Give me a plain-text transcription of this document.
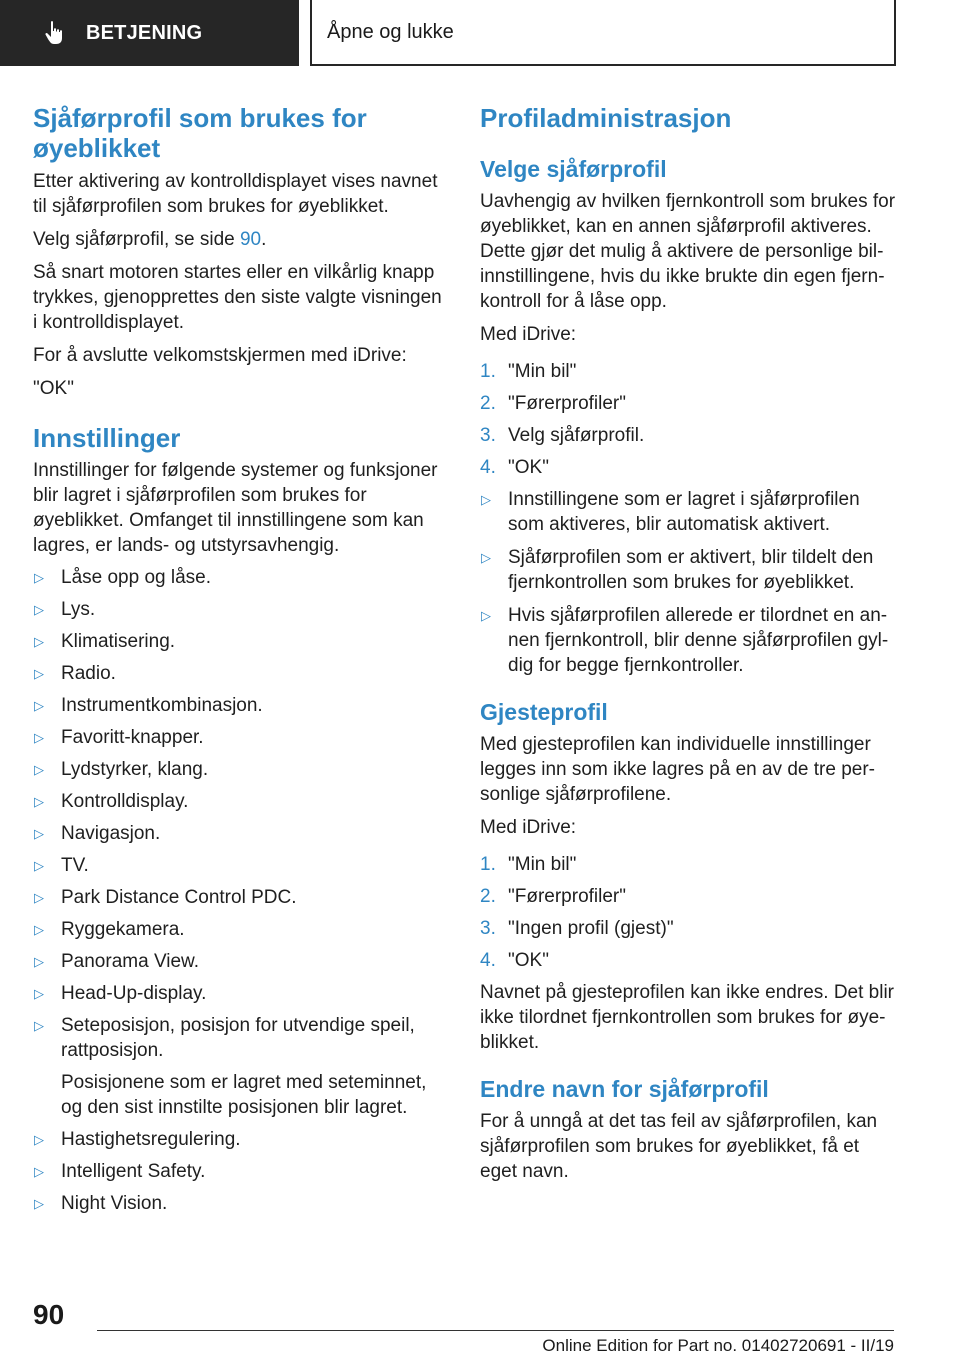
BETJENING	Åpne og lukke
Sjåførprofil som brukes for øyeblikket

Etter aktivering av kontrolldisplayet vises navnet til sjåførprofilen som brukes for øyeblikket.

Velg sjåførprofil, se side 90.

Så snart motoren startes eller en vilkårlig knapp trykkes, gjenopprettes den siste valgte visningen i kontrolldisplayet.

For å avslutte velkomstskjermen med iDrive:

"OK"

Innstillinger

Innstillinger for følgende systemer og funksjoner blir lagret i sjåførprofilen som brukes for øyeblikket. Omfanget til innstillingene som kan lagres, er lands- og utstyrsavhengig.

▷ Låse opp og låse.
▷ Lys.
▷ Klimatisering.
▷ Radio.
▷ Instrumentkombinasjon.
▷ Favoritt-knapper.
▷ Lydstyrker, klang.
▷ Kontrolldisplay.
▷ Navigasjon.
▷ TV.
▷ Park Distance Control PDC.
▷ Ryggekamera.
▷ Panorama View.
▷ Head-Up-display.
▷ Seteposisjon, posisjon for utvendige speil, rattposisjon.
Posisjonene som er lagret med seteminnet, og den sist innstilte posisjonen blir lagret.
▷ Hastighetsregulering.
▷ Intelligent Safety.
▷ Night Vision.
Profiladministrasjon
Velge sjåførprofil

Uavhengig av hvilken fjernkontroll som brukes for øyeblikket, kan en annen sjåførprofil aktiveres. Dette gjør det mulig å aktivere de personlige bilinnstillingene, hvis du ikke brukte din egen fjernkontroll for å låse opp.

Med iDrive:

1. "Min bil"
2. "Førerprofiler"
3. Velg sjåførprofil.
4. "OK"
▷ Innstillingene som er lagret i sjåførprofilen som aktiveres, blir automatisk aktivert.
▷ Sjåførprofilen som er aktivert, blir tildelt den fjernkontrollen som brukes for øyeblikket.
▷ Hvis sjåførprofilen allerede er tilordnet en annen fjernkontroll, blir denne sjåførprofilen gyldig for begge fjernkontroller.
Gjesteprofil

Med gjesteprofilen kan individuelle innstillinger legges inn som ikke lagres på en av de tre personlige sjåførprofilene.

Med iDrive:

1. "Min bil"
2. "Førerprofiler"
3. "Ingen profil (gjest)"
4. "OK"

Navnet på gjesteprofilen kan ikke endres. Det blir ikke tilordnet fjernkontrollen som brukes for øyeblikket.

Endre navn for sjåførprofil

For å unngå at det tas feil av sjåførprofilen, kan sjåførprofilen som brukes for øyeblikket, få et eget navn.

90
Online Edition for Part no. 01402720691 - II/19
